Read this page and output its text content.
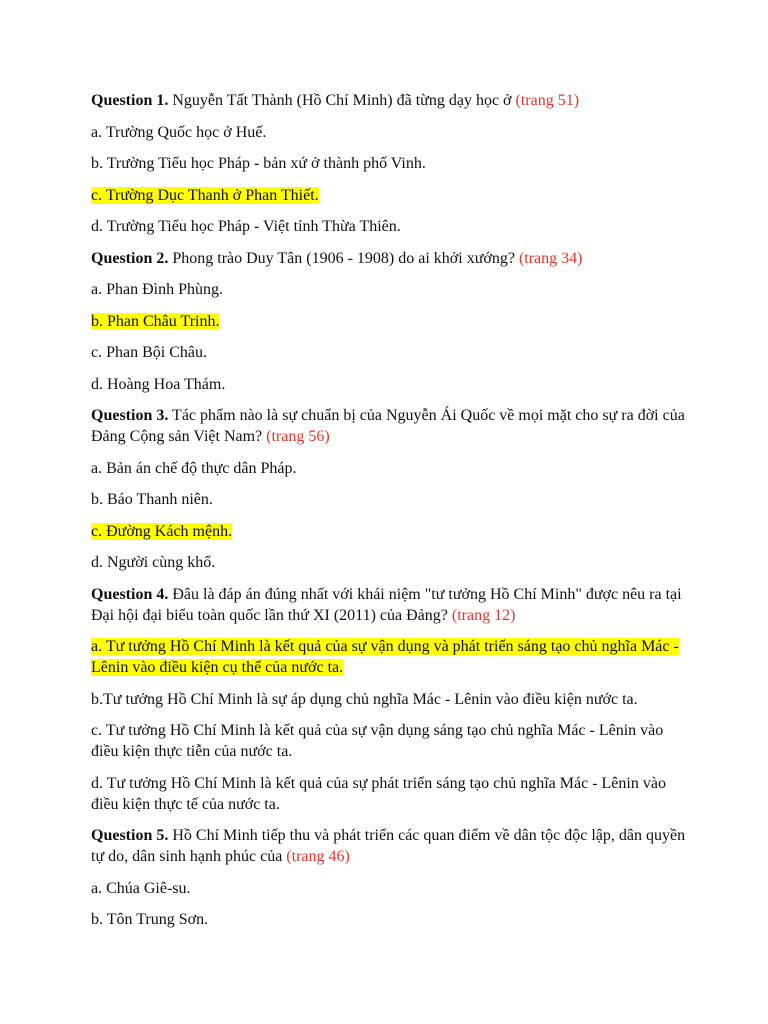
Question 1. Nguyễn Tất Thành (Hồ Chí Minh) đã từng dạy học ở (trang 51)

a. Trường Quốc học ở Huế.

b. Trường Tiểu học Pháp - bản xứ ở thành phố Vinh.

c. Trường Dục Thanh ở Phan Thiết.

d. Trường Tiểu học Pháp - Việt tỉnh Thừa Thiên.

Question 2. Phong trào Duy Tân (1906 - 1908) do ai khởi xướng? (trang 34)

a. Phan Đình Phùng.

b. Phan Châu Trinh.

c. Phan Bội Châu.

d. Hoàng Hoa Thám.

Question 3. Tác phẩm nào là sự chuẩn bị của Nguyễn Ái Quốc về mọi mặt cho sự ra đời của Đảng Cộng sản Việt Nam? (trang 56)

a. Bản án chế độ thực dân Pháp.

b. Báo Thanh niên.

c. Đường Kách mệnh.

d. Người cùng khổ.

Question 4. Đâu là đáp án đúng nhất với khái niệm "tư tưởng Hồ Chí Minh" được nêu ra tại Đại hội đại biểu toàn quốc lần thứ XI (2011) của Đảng? (trang 12)

a. Tư tưởng Hồ Chí Minh là kết quả của sự vận dụng và phát triển sáng tạo chủ nghĩa Mác - Lênin vào điều kiện cụ thể của nước ta.

b.Tư tưởng Hồ Chí Minh là sự áp dụng chủ nghĩa Mác - Lênin vào điều kiện nước ta.

c. Tư tưởng Hồ Chí Minh là kết quả của sự vận dụng sáng tạo chủ nghĩa Mác - Lênin vào điều kiện thực tiễn của nước ta.

d. Tư tưởng Hồ Chí Minh là kết quả của sự phát triển sáng tạo chủ nghĩa Mác - Lênin vào điều kiện thực tế của nước ta.

Question 5. Hồ Chí Minh tiếp thu và phát triển các quan điểm về dân tộc độc lập, dân quyền tự do, dân sinh hạnh phúc của (trang 46)

a. Chúa Giê-su.

b. Tôn Trung Sơn.
